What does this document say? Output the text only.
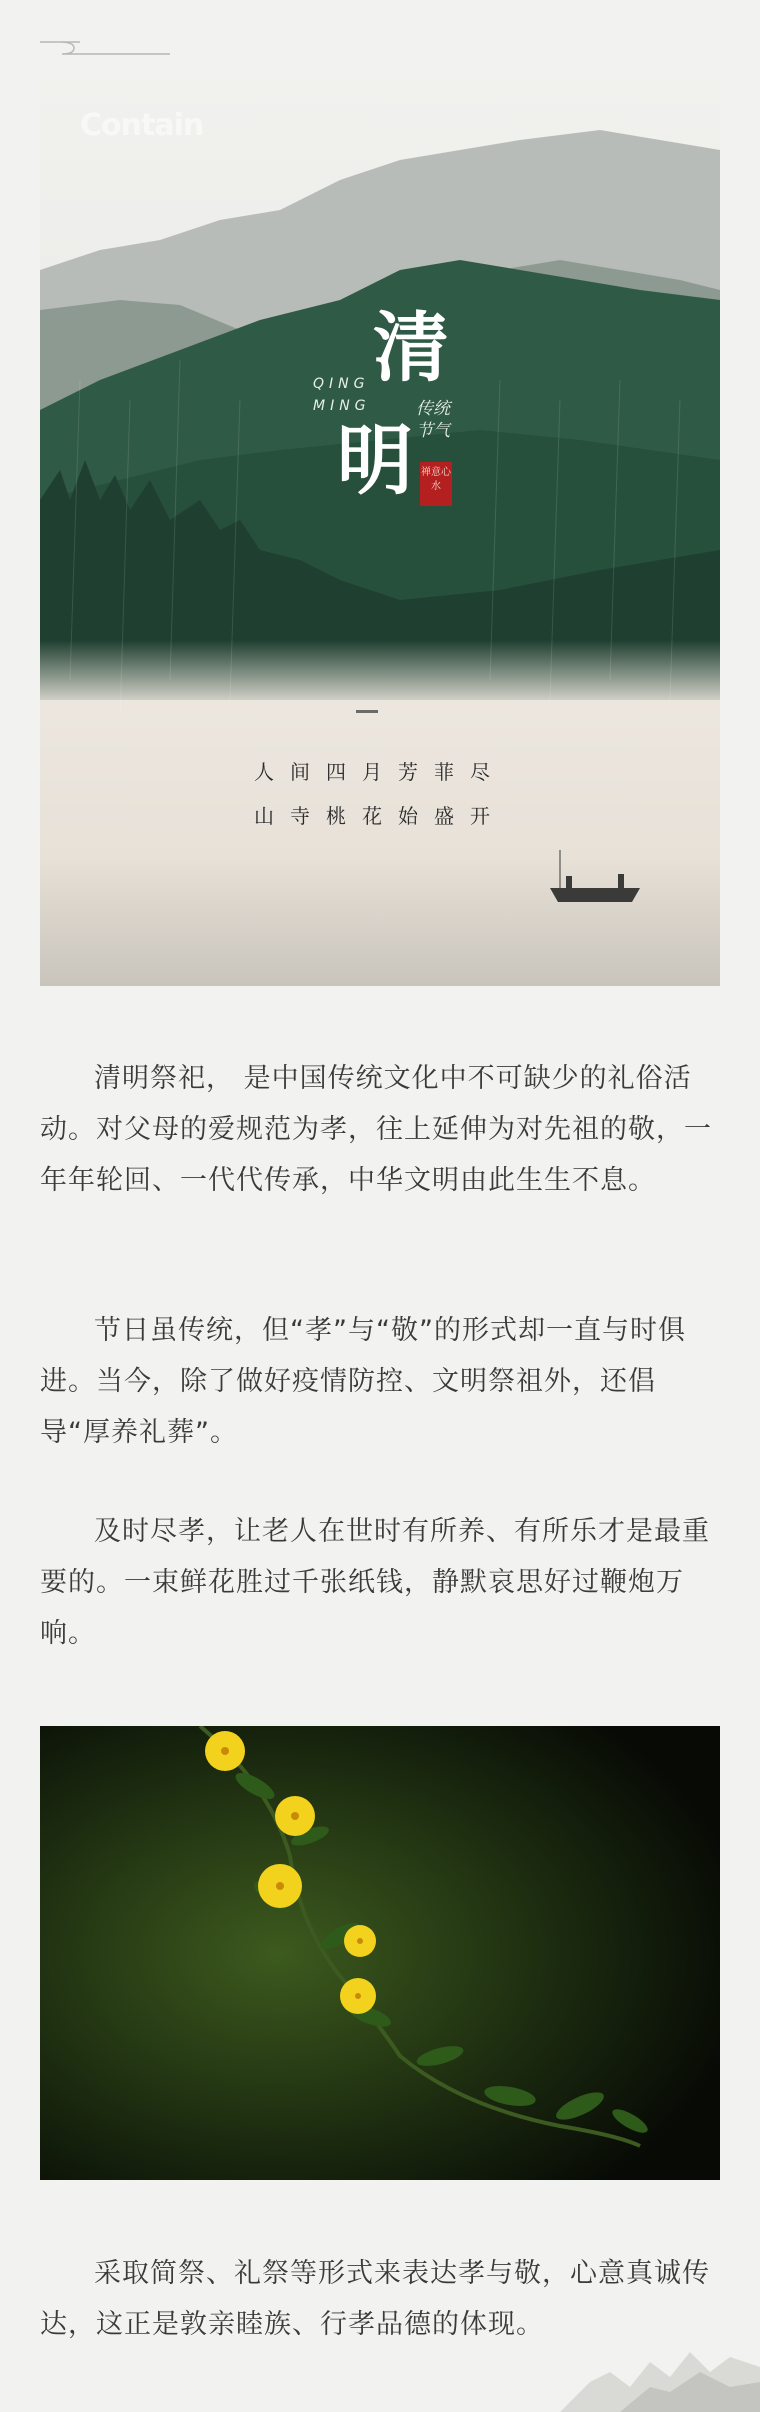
Contain
清
明
QING
MING	传统
节气
禅意心水
人间四月芳菲尽
山寺桃花始盛开

清明祭祀， 是中国传统文化中不可缺少的礼俗活动。对父母的爱规范为孝，往上延伸为对先祖的敬，一年年轮回、一代代传承，中华文明由此生生不息。

节日虽传统，但“孝”与“敬”的形式却一直与时俱进。当今，除了做好疫情防控、文明祭祖外，还倡导“厚养礼葬”。

及时尽孝，让老人在世时有所养、有所乐才是最重要的。一束鲜花胜过千张纸钱，静默哀思好过鞭炮万响。

采取简祭、礼祭等形式来表达孝与敬，心意真诚传达，这正是敦亲睦族、行孝品德的体现。
